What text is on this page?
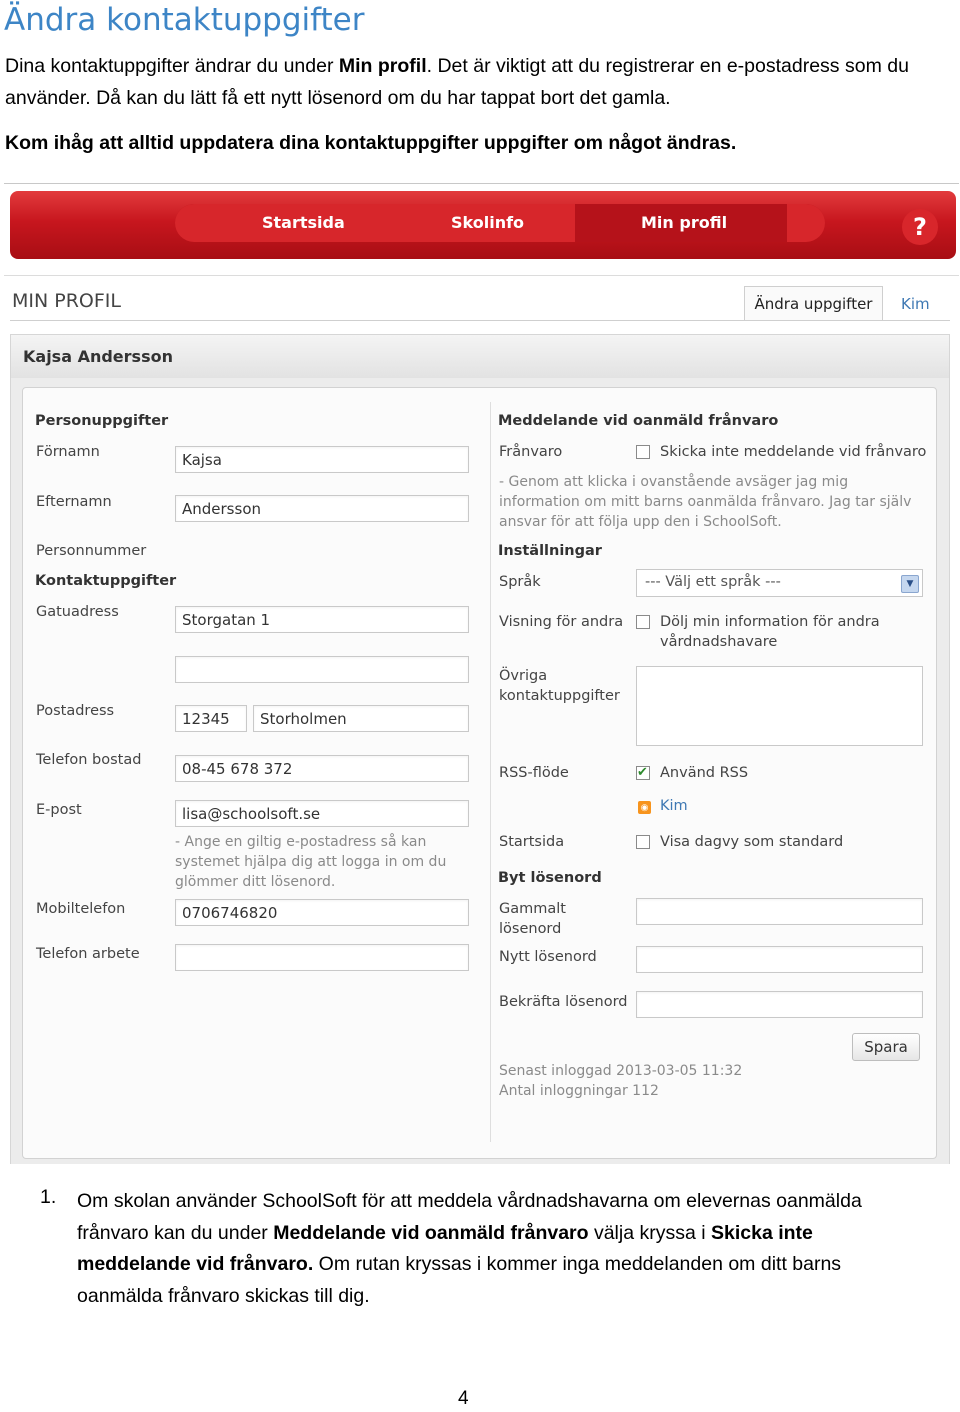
Ändra kontaktuppgifter

Dina kontaktuppgifter ändrar du under Min profil. Det är viktigt att du registrerar en e-postadress som du använder. Då kan du lätt få ett nytt lösenord om du har tappat bort det gamla.

Kom ihåg att alltid uppdatera dina kontaktuppgifter uppgifter om något ändras.

Startsida	Skolinfo	Min profil	?
MIN PROFIL	Ändra uppgifter	Kim
Kajsa Andersson
Personuppgifter
Förnamn	Kajsa
Efternamn	Andersson
Personnummer
Kontaktuppgifter
Gatuadress	Storgatan 1
Postadress	12345	Storholmen
Telefon bostad	08-45 678 372
E-post	lisa@schoolsoft.se
- Ange en giltig e-postadress så kan systemet hjälpa dig att logga in om du glömmer ditt lösenord.
Mobiltelefon	0706746820
Telefon arbete
Meddelande vid oanmäld frånvaro
Frånvaro	Skicka inte meddelande vid frånvaro
- Genom att klicka i ovanstående avsäger jag mig information om mitt barns oanmälda frånvaro. Jag tar själv ansvar för att följa upp den i SchoolSoft.
Inställningar
Språk	--- Välj ett språk ---	▼
Visning för andra	Dölj min information för andra vårdnadshavare
Övriga kontaktuppgifter
RSS-flöde
✔	Använd RSS
◉ Kim
Startsida	Visa dagvy som standard
Byt lösenord
Gammalt lösenord
Nytt lösenord
Bekräfta lösenord
Spara
Senast inloggad 2013-03-05 11:32
Antal inloggningar 112
1. Om skolan använder SchoolSoft för att meddela vårdnadshavarna om elevernas oanmälda frånvaro kan du under Meddelande vid oanmäld frånvaro välja kryssa i Skicka inte meddelande vid frånvaro. Om rutan kryssas i kommer inga meddelanden om ditt barns oanmälda frånvaro skickas till dig.

4
